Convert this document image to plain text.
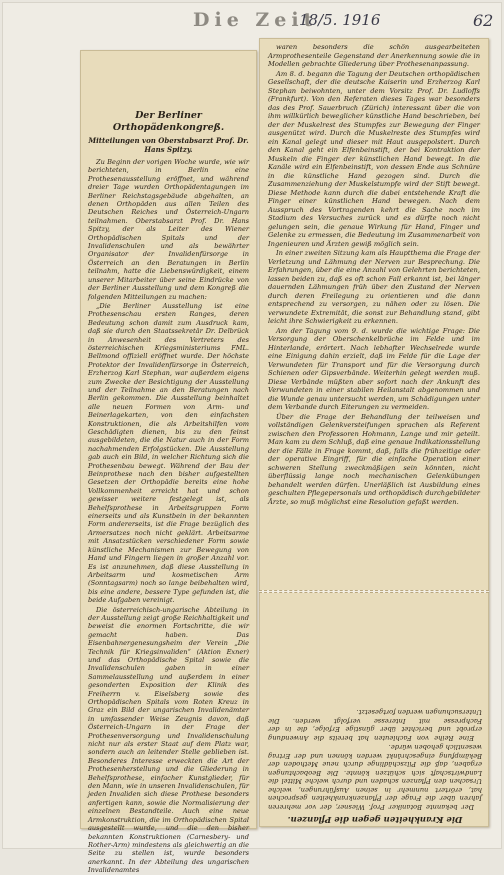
Die Zeit
18/5. 1916	62
Der Berliner Orthopädenkongreß.
Mitteilungen von Oberstabsarzt Prof. Dr. Hans Spitzy.

Zu Beginn der vorigen Woche wurde, wie wir berichteten, in Berlin eine Prothesenausstellung eröffnet, und während dreier Tage wurden Orthopädentagungen im Berliner Reichstagsgebäude abgehalten, an denen Orthopäden aus allen Teilen des Deutschen Reiches und Österreich-Ungarn teilnahmen. Oberstabsarzt Prof. Dr. Hans Spitzy, der als Leiter des Wiener Orthopädischen Spitals und der Invalidenschulen und als bewährter Organisator der Invalidenfürsorge in Österreich an den Beratungen in Berlin teilnahm, hatte die Liebenswürdigkeit, einem unserer Mitarbeiter über seine Eindrücke von der Berliner Ausstellung und dem Kongreß die folgenden Mitteilungen zu machen:

„Die Berliner Ausstellung ist eine Prothesenschau ersten Ranges, deren Bedeutung schon damit zum Ausdruck kam, daß sie durch den Staatssekretär Dr. Delbrück in Anwesenheit des Vertreters des österreichischen Kriegsministeriums FML. Bellmond offiziell eröffnet wurde. Der höchste Protektor der Invalidenfürsorge in Österreich, Erzherzog Karl Stephan, war außerdem eigens zum Zwecke der Besichtigung der Ausstellung und der Teilnahme an den Beratungen nach Berlin gekommen. Die Ausstellung beinhaltet alle neuen Formen von Arm- und Beinerlagekarten, von den einfachsten Konstruktionen, die als Arbeitshilfen vom Geschädigten dienen, bis zu den feinst ausgebildeten, die die Natur auch in der Form nachahmenden Erfolgstücken. Die Ausstellung gab auch ein Bild, in welcher Richtung sich die Prothesenbau bewegt. Während der Bau der Beinprothese nach den bisher aufgestellten Gesetzen der Orthopädie bereits eine hohe Vollkommenheit erreicht hat und schon gewisser weitere festgelegt ist, als Behelfsprothese in Arbeitsgruppen Form einerseits und als Kunstbein in der bekannten Form andererseits, ist die Frage bezüglich des Armersatzes noch nicht geklärt. Arbeitsarme mit Ansatzstücken verschiedener Form sowie künstliche Mechanismen zur Bewegung von Hand und Fingern liegen in großer Anzahl vor. Es ist anzunehmen, daß diese Ausstellung in Arbeitsarm und kosmetischen Arm (Sonntagsarm) noch so lange beibehalten wird, bis eine andere, bessere Type gefunden ist, die beide Aufgaben vereinigt.

Die österreichisch-ungarische Abteilung in der Ausstellung zeigt große Reichhaltigkeit und beweist die enormen Fortschritte, die wir gemacht haben. Das Eisenbahnergenesungsheim der Verein „Die Technik für Kriegsinvaliden“ (Aktion Exner) und das Orthopädische Spital sowie die Invalidenschulen gaben in einer Sammelausstellung und außerdem in einer gesonderten Exposition der Klinik des Freiherrn v. Eiselsberg sowie des Orthopädischen Spitals vom Roten Kreuz in Graz ein Bild der ungarischen Invalidenämter in umfassender Weise Zeugnis davon, daß Österreich-Ungarn in der Frage der Prothesenversorgung und Invalidenschulung nicht nur als erster Staat auf dem Platz war, sondern auch an leitender Stelle geblieben ist. Besonderes Interesse erweckten die Art der Prothesenherstellung und die Gliederung in Behelfsprothese, einfacher Kunstglieder, für den Mann, wie in unseren Invalidenschulen, für jeden Invaliden sich diese Prothese besonders anfertigen kann, sowie die Normalisierung der einzelnen Bestandteile. Auch eine neue Armkonstruktion, die im Orthopädischen Spital ausgestellt wurde, und die den bisher bekannten Konstruktionen (Carnesbery- und Rother-Arm) mindestens als gleichwertig an die Seite zu stellen ist, wurde besonders anerkannt. In der Abteilung des ungarischen Invalidenamtes

waren besonders die schön ausgearbeiteten Armprothesenteile Gegenstand der Anerkennung sowie die in Modellen gebrachte Gliederung über Prothesenanpassung.

Am 8. d. begann die Tagung der Deutschen orthopädischen Gesellschaft, der die deutsche Kaiserin und Erzherzog Karl Stephan beiwohnten, unter dem Vorsitz Prof. Dr. Ludloffs (Frankfurt). Von den Referaten dieses Tages war besonders das des Prof. Sauerbruch (Zürich) interessant über die von ihm willkürlich beweglicher künstliche Hand beschrieben, bei der der Muskelrest des Stumpfes zur Bewegung der Finger ausgenützt wird. Durch die Muskelreste des Stumpfes wird ein Kanal gelegt und dieser mit Haut ausgepolstert. Durch den Kanal geht ein Elfenbeinstift, der bei Kontraktion der Muskeln die Finger der künstlichen Hand bewegt. In die Kanäle wird ein Elfenbeinstift, von dessen Ende aus Schnüre in die künstliche Hand gezogen sind. Durch die Zusammenziehung der Muskelstumpfe wird der Stift bewegt. Diese Methode kann durch die dabei entstehende Kraft die Finger einer künstlichen Hand bewegen. Nach dem Ausspruch des Vortragenden kehrt die Sache noch im Stadium des Versuches zurück und es dürfte noch nicht gelungen sein, die genaue Wirkung für Hand, Finger und Gelenke zu ermessen, die Bedeutung im Zusammenarbeit von Ingenieuren und Ärzten gewiß möglich sein.

In einer zweiten Sitzung kam als Hauptthema die Frage der Verletzung und Lähmung der Nerven zur Besprechung. Die Erfahrungen, über die eine Anzahl von Gelehrten berichteten, lassen beiden zu, daß es oft schon Fall erkannt ist, bei länger dauernden Lähmungen früh über den Zustand der Nerven durch deren Freilegung zu orientieren und die dann entsprechend zu versorgen, zu nähen oder zu lösen. Die verwundete Extremität, die sonst zur Behandlung stand, gibt leicht ihre Schwierigkeit zu erkennen.

Am der Tagung vom 9. d. wurde die wichtige Frage: Die Versorgung der Oberschenkelbrüche im Felde und im Hinterlande, erörtert. Nach lebhafter Wechselrede wurde eine Einigung dahin erzielt, daß im Felde für die Lage der Verwundeten für Transport und für die Versorgung durch Schienen oder Gipsverbände. Weiterhin gelegt werden muß. Diese Verbände müßten aber sofort nach der Ankunft des Verwundeten in einer stabilen Heilanstalt abgenommen und die Wunde genau untersucht werden, um Schädigungen unter dem Verbande durch Eiterungen zu vermeiden.

Über die Frage der Behandlung der teilweisen und vollständigen Gelenkversteifungen sprachen als Referent zwischen den Professoren Hohmann, Lange und mir geteilt. Man kam zu dem Schluß, daß eine genaue Indikationsstellung der die Fälle in Frage kommt, daß, falls die frühzeitige oder der operative Eingriff, für die einfache Operation einer schweren Stellung zweckmäßigen sein könnten, nicht überflüssig lange noch mechanischen Gelenkübungen behandelt werden dürfen. Unerläßlich ist Ausbildung eines geschulten Pflegepersonals und orthopädisch durchgebildeter Ärzte, so muß möglichst eine Resolution gefaßt werden.

Die Krankheiten gegen die Pflanzen.

Der bekannte Botaniker Prof. Wiesner, der vor mehreren Jahren über die Frage der Pflanzenkrankheiten gesprochen hat, erörtert nunmehr in seinen Ausführungen, welche Ursachen den Pflanzen schaden und durch welche Mittel die Landwirtschaft sich schützen könnte. Die Beobachtungen ergaben, daß die Pilzschädlinge durch neue Methoden der Bekämpfung eingeschränkt werden können und der Ertrag wesentlich gehoben würde.

Eine Reihe von Fachleuten hat bereits die Anwendung erprobt und berichtet über günstige Erfolge, die in der Fachpresse mit Interesse verfolgt werden. Die Untersuchungen werden fortgesetzt.
